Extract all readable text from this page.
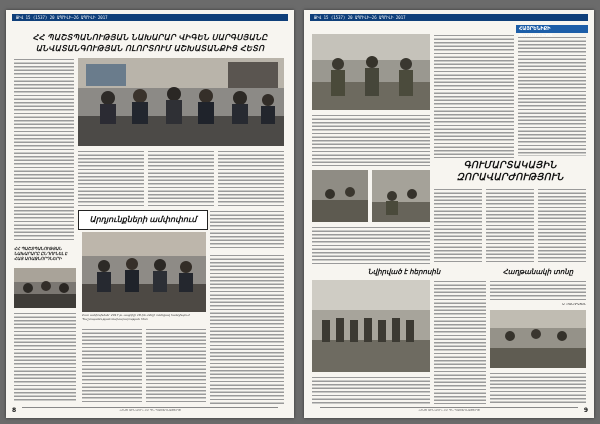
ԹԻՎ 15 (1537) 20 ԱՊՐԻԼԻ–26 ԱՊՐԻԼԻ 2017
ՀՀ ՊԱՇՏՊԱՆՈՒԹՅԱՆ ՆԱԽԱՐԱՐ ՎԻԳԵՆ ՍԱՐԳՍՅԱՆԸ ԱՆՎԱՏԱՆԳՈՒԹՅԱՆ ՈԼՈՐՏՈՒՄ ԱՇԽԱՏԱՆՔԻՑ ՀԵՏՈ
Արդյունքների ամփոփում
ՀՀ ՊԱՇՏՊԱՆՈՒԹՅԱՆ ՆԱԽԱՐԱՐԸ ԸՆԴՈՒՆԵԼ Է ՀԱՅ ԱՌԱՋՆՈՐԴՆԵՐԻ
Ըստ ամփոփման՝ 2017 թ. ապրիլի 18-ին տեղի ունեցավ հանդիպում Պաշտպանության նախարարության հետ
8	«ՀԱՅ ԶԻՆՎՈՐ» ՀՀ ՊՆ ՊԱՇՏՈՆԱԹԵՐԹ
ԹԻՎ 15 (1537) 20 ԱՊՐԻԼԻ–26 ԱՊՐԻԼԻ 2017
ՀԱՅՐԵՆԻՔԻ
ԳՈՒՄԱՐՏԱԿԱՅԻՆ ԶՈՐԱՎԱՐԺՈՒԹՅՈՒՆ
Նվիրված է հերոսին	Հաղթանակի տոնը
Ա. ՄԱՆՈՒԿՅԱՆ
9
«ՀԱՅ ԶԻՆՎՈՐ» ՀՀ ՊՆ ՊԱՇՏՈՆԱԹԵՐԹ
